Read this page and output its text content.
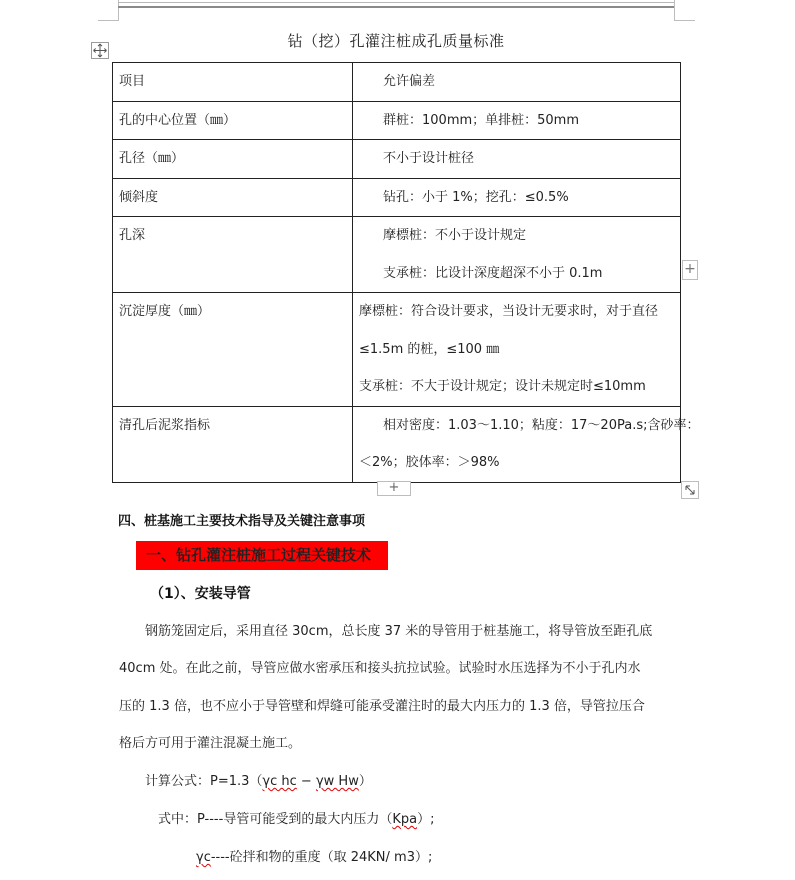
钻（挖）孔灌注桩成孔质量标准
项目	允许偏差

孔的中心位置（㎜）	群桩：100mm；单排桩：50mm

孔径（㎜）	不小于设计桩径

倾斜度	钻孔：小于 1%；挖孔：≤0.5%

孔深	摩標桩：不小于设计规定
支承桩：比设计深度超深不小于 0.1m

沉淀厚度（㎜）	摩標桩：符合设计要求，当设计无要求时，对于直径
≤1.5m 的桩，≤100 ㎜
支承桩：不大于设计规定；设计未规定时≤10mm

清孔后泥浆指标	相对密度：1.03～1.10；粘度：17～20Pa.s;含砂率：
＜2%；胶体率：＞98%
+
+
四、桩基施工主要技术指导及关键注意事项
一、钻孔灌注桩施工过程关键技术
（1）、安装导管
钢筋笼固定后，采用直径 30cm，总长度 37 米的导管用于桩基施工，将导管放至距孔底
40cm 处。在此之前，导管应做水密承压和接头抗拉试验。试验时水压选择为不小于孔内水
压的 1.3 倍，也不应小于导管壁和焊缝可能承受灌注时的最大内压力的 1.3 倍，导管拉压合
格后方可用于灌注混凝土施工。
计算公式：P=1.3（γc hc − γw Hw）
式中：P----导管可能受到的最大内压力（Kpa）;
γc----砼拌和物的重度（取 24KN/ m3）;
